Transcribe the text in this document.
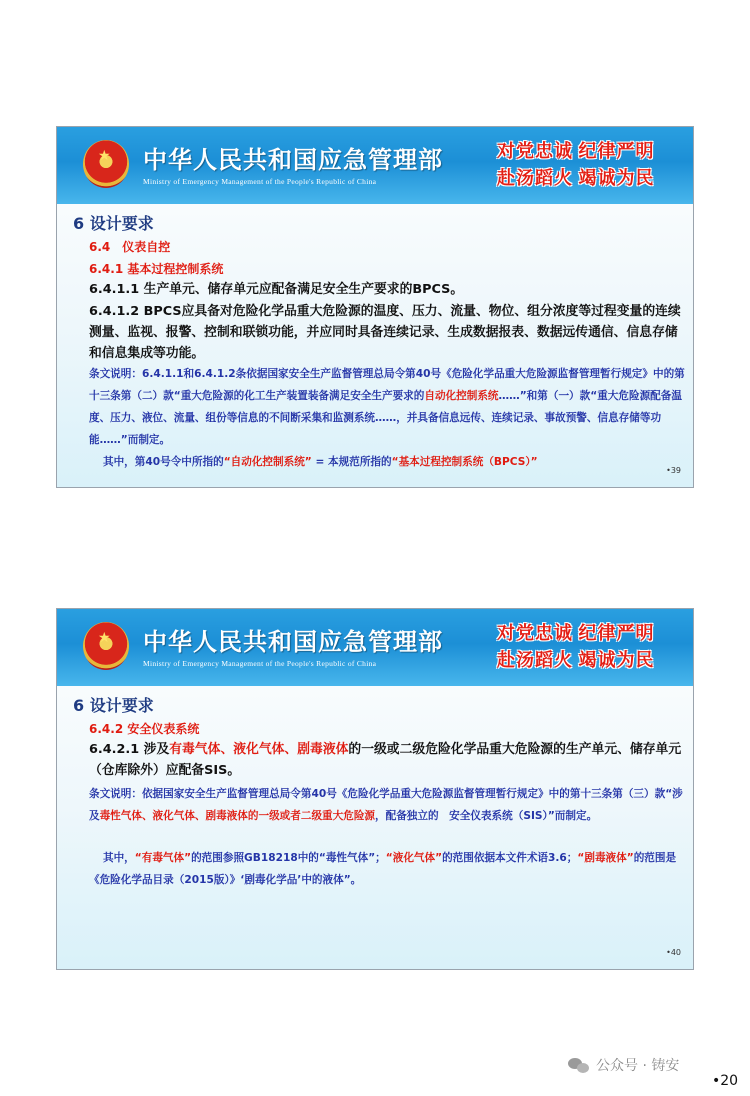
★
中华人民共和国应急管理部
Ministry of Emergency Management of the People's Republic of China
对党忠诚 纪律严明
赴汤蹈火 竭诚为民
6 设计要求
6.4　仪表自控
6.4.1 基本过程控制系统
6.4.1.1 生产单元、储存单元应配备满足安全生产要求的BPCS。
6.4.1.2 BPCS应具备对危险化学品重大危险源的温度、压力、流量、物位、组分浓度等过程变量的连续测量、监视、报警、控制和联锁功能，并应同时具备连续记录、生成数据报表、数据远传通信、信息存储和信息集成等功能。
条文说明：6.4.1.1和6.4.1.2条依据国家安全生产监督管理总局令第40号《危险化学品重大危险源监督管理暂行规定》中的第十三条第（二）款“重大危险源的化工生产装置装备满足安全生产要求的自动化控制系统……”和第（一）款“重大危险源配备温度、压力、液位、流量、组份等信息的不间断采集和监测系统……，并具备信息远传、连续记录、事故预警、信息存储等功能……”而制定。
其中，第40号令中所指的“自动化控制系统” = 本规范所指的“基本过程控制系统（BPCS）”
•39
★
中华人民共和国应急管理部
Ministry of Emergency Management of the People's Republic of China
对党忠诚 纪律严明
赴汤蹈火 竭诚为民
6 设计要求
6.4.2 安全仪表系统
6.4.2.1 涉及有毒气体、液化气体、剧毒液体的一级或二级危险化学品重大危险源的生产单元、储存单元（仓库除外）应配备SIS。
条文说明：依据国家安全生产监督管理总局令第40号《危险化学品重大危险源监督管理暂行规定》中的第十三条第（三）款“涉及毒性气体、液化气体、剧毒液体的一级或者二级重大危险源，配备独立的　安全仪表系统（SIS）”而制定。
其中，“有毒气体”的范围参照GB18218中的“毒性气体”；“液化气体”的范围依据本文件术语3.6；“剧毒液体”的范围是《危险化学品目录（2015版）》‘剧毒化学品’中的液体”。
•40
公众号 · 铸安
•20
